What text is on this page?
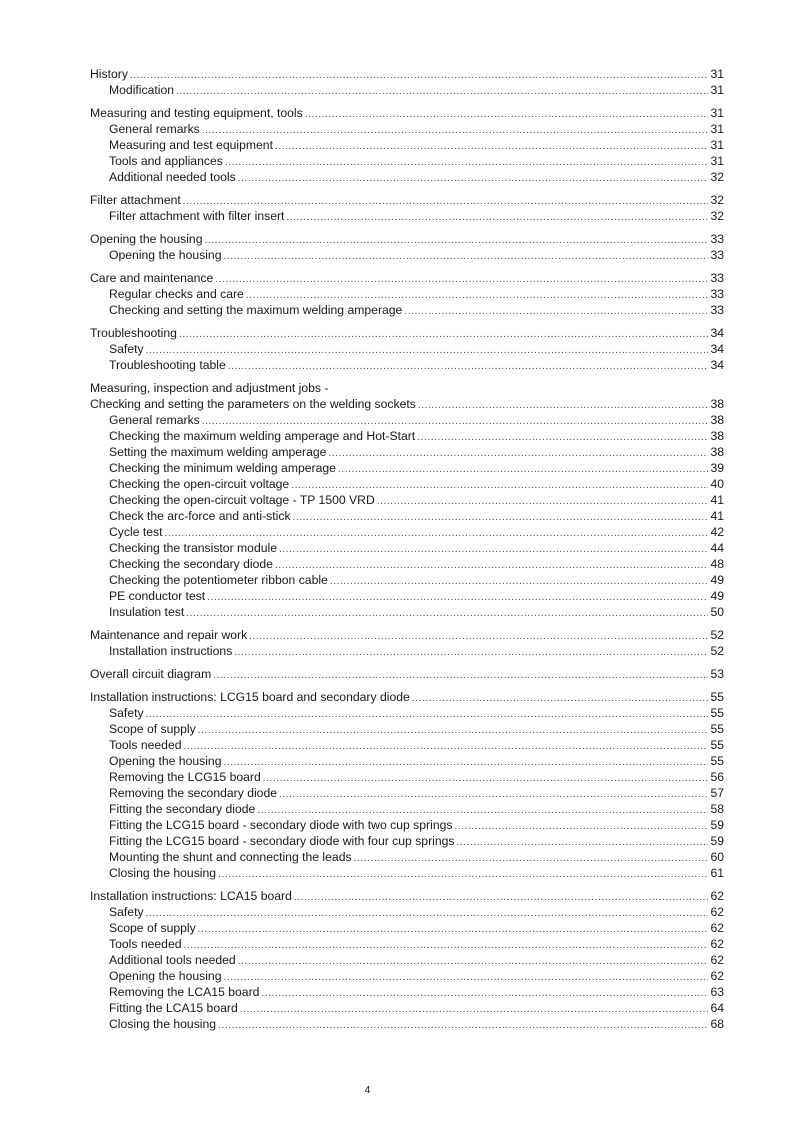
History .....	31
Modification .....	31
Measuring and testing equipment, tools .....	31
General remarks .....	31
Measuring and test equipment .....	31
Tools and appliances .....	31
Additional needed tools .....	32
Filter attachment .....	32
Filter attachment with filter insert .....	32
Opening the housing .....	33
Opening the housing .....	33
Care and maintenance .....	33
Regular checks and care .....	33
Checking and setting the maximum welding amperage .....	33
Troubleshooting .....	34
Safety .....	34
Troubleshooting table .....	34
Measuring, inspection and adjustment jobs -
Checking and setting the parameters on the welding sockets .....	38
General remarks .....	38
Checking the maximum welding amperage and Hot-Start .....	38
Setting the maximum welding amperage .....	38
Checking the minimum welding amperage .....	39
Checking the open-circuit voltage .....	40
Checking the open-circuit voltage - TP 1500 VRD .....	41
Check the arc-force and anti-stick .....	41
Cycle test .....	42
Checking the transistor module .....	44
Checking the secondary diode .....	48
Checking the potentiometer ribbon cable .....	49
PE conductor test .....	49
Insulation test .....	50
Maintenance and repair work .....	52
Installation instructions .....	52
Overall circuit diagram .....	53
Installation instructions: LCG15 board and secondary diode .....	55
Safety .....	55
Scope of supply .....	55
Tools needed .....	55
Opening the housing .....	55
Removing the LCG15 board .....	56
Removing the secondary diode .....	57
Fitting the secondary diode .....	58
Fitting the LCG15 board - secondary diode with two cup springs .....	59
Fitting the LCG15 board - secondary diode with four cup springs .....	59
Mounting the shunt and connecting the leads .....	60
Closing the housing .....	61
Installation instructions: LCA15 board .....	62
Safety .....	62
Scope of supply .....	62
Tools needed .....	62
Additional tools needed .....	62
Opening the housing .....	62
Removing the LCA15 board .....	63
Fitting the LCA15 board .....	64
Closing the housing .....	68
4
